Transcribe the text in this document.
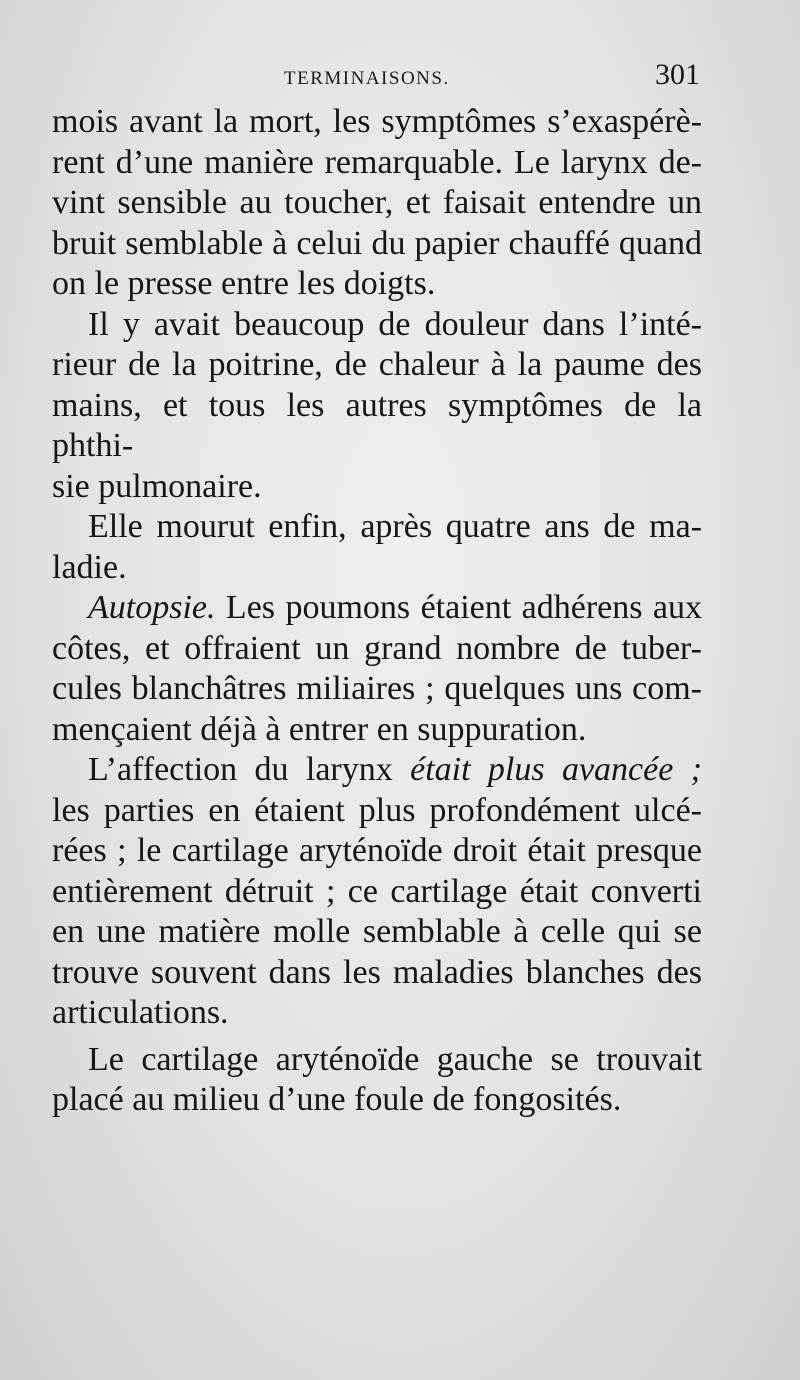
TERMINAISONS.	301

mois avant la mort, les symptômes s’exaspérè-

rent d’une manière remarquable. Le larynx de-

vint sensible au toucher, et faisait entendre un

bruit semblable à celui du papier chauffé quand

on le presse entre les doigts.

Il y avait beaucoup de douleur dans l’inté-

rieur de la poitrine, de chaleur à la paume des

mains, et tous les autres symptômes de la phthi-

sie pulmonaire.

Elle mourut enfin, après quatre ans de ma-

ladie.

Autopsie. Les poumons étaient adhérens aux

côtes, et offraient un grand nombre de tuber-

cules blanchâtres miliaires ; quelques uns com-

mençaient déjà à entrer en suppuration.

L’affection du larynx était plus avancée ;

les parties en étaient plus profondément ulcé-

rées ; le cartilage aryténoïde droit était presque

entièrement détruit ; ce cartilage était converti

en une matière molle semblable à celle qui se

trouve souvent dans les maladies blanches des

articulations.

Le cartilage aryténoïde gauche se trouvait

placé au milieu d’une foule de fongosités.
